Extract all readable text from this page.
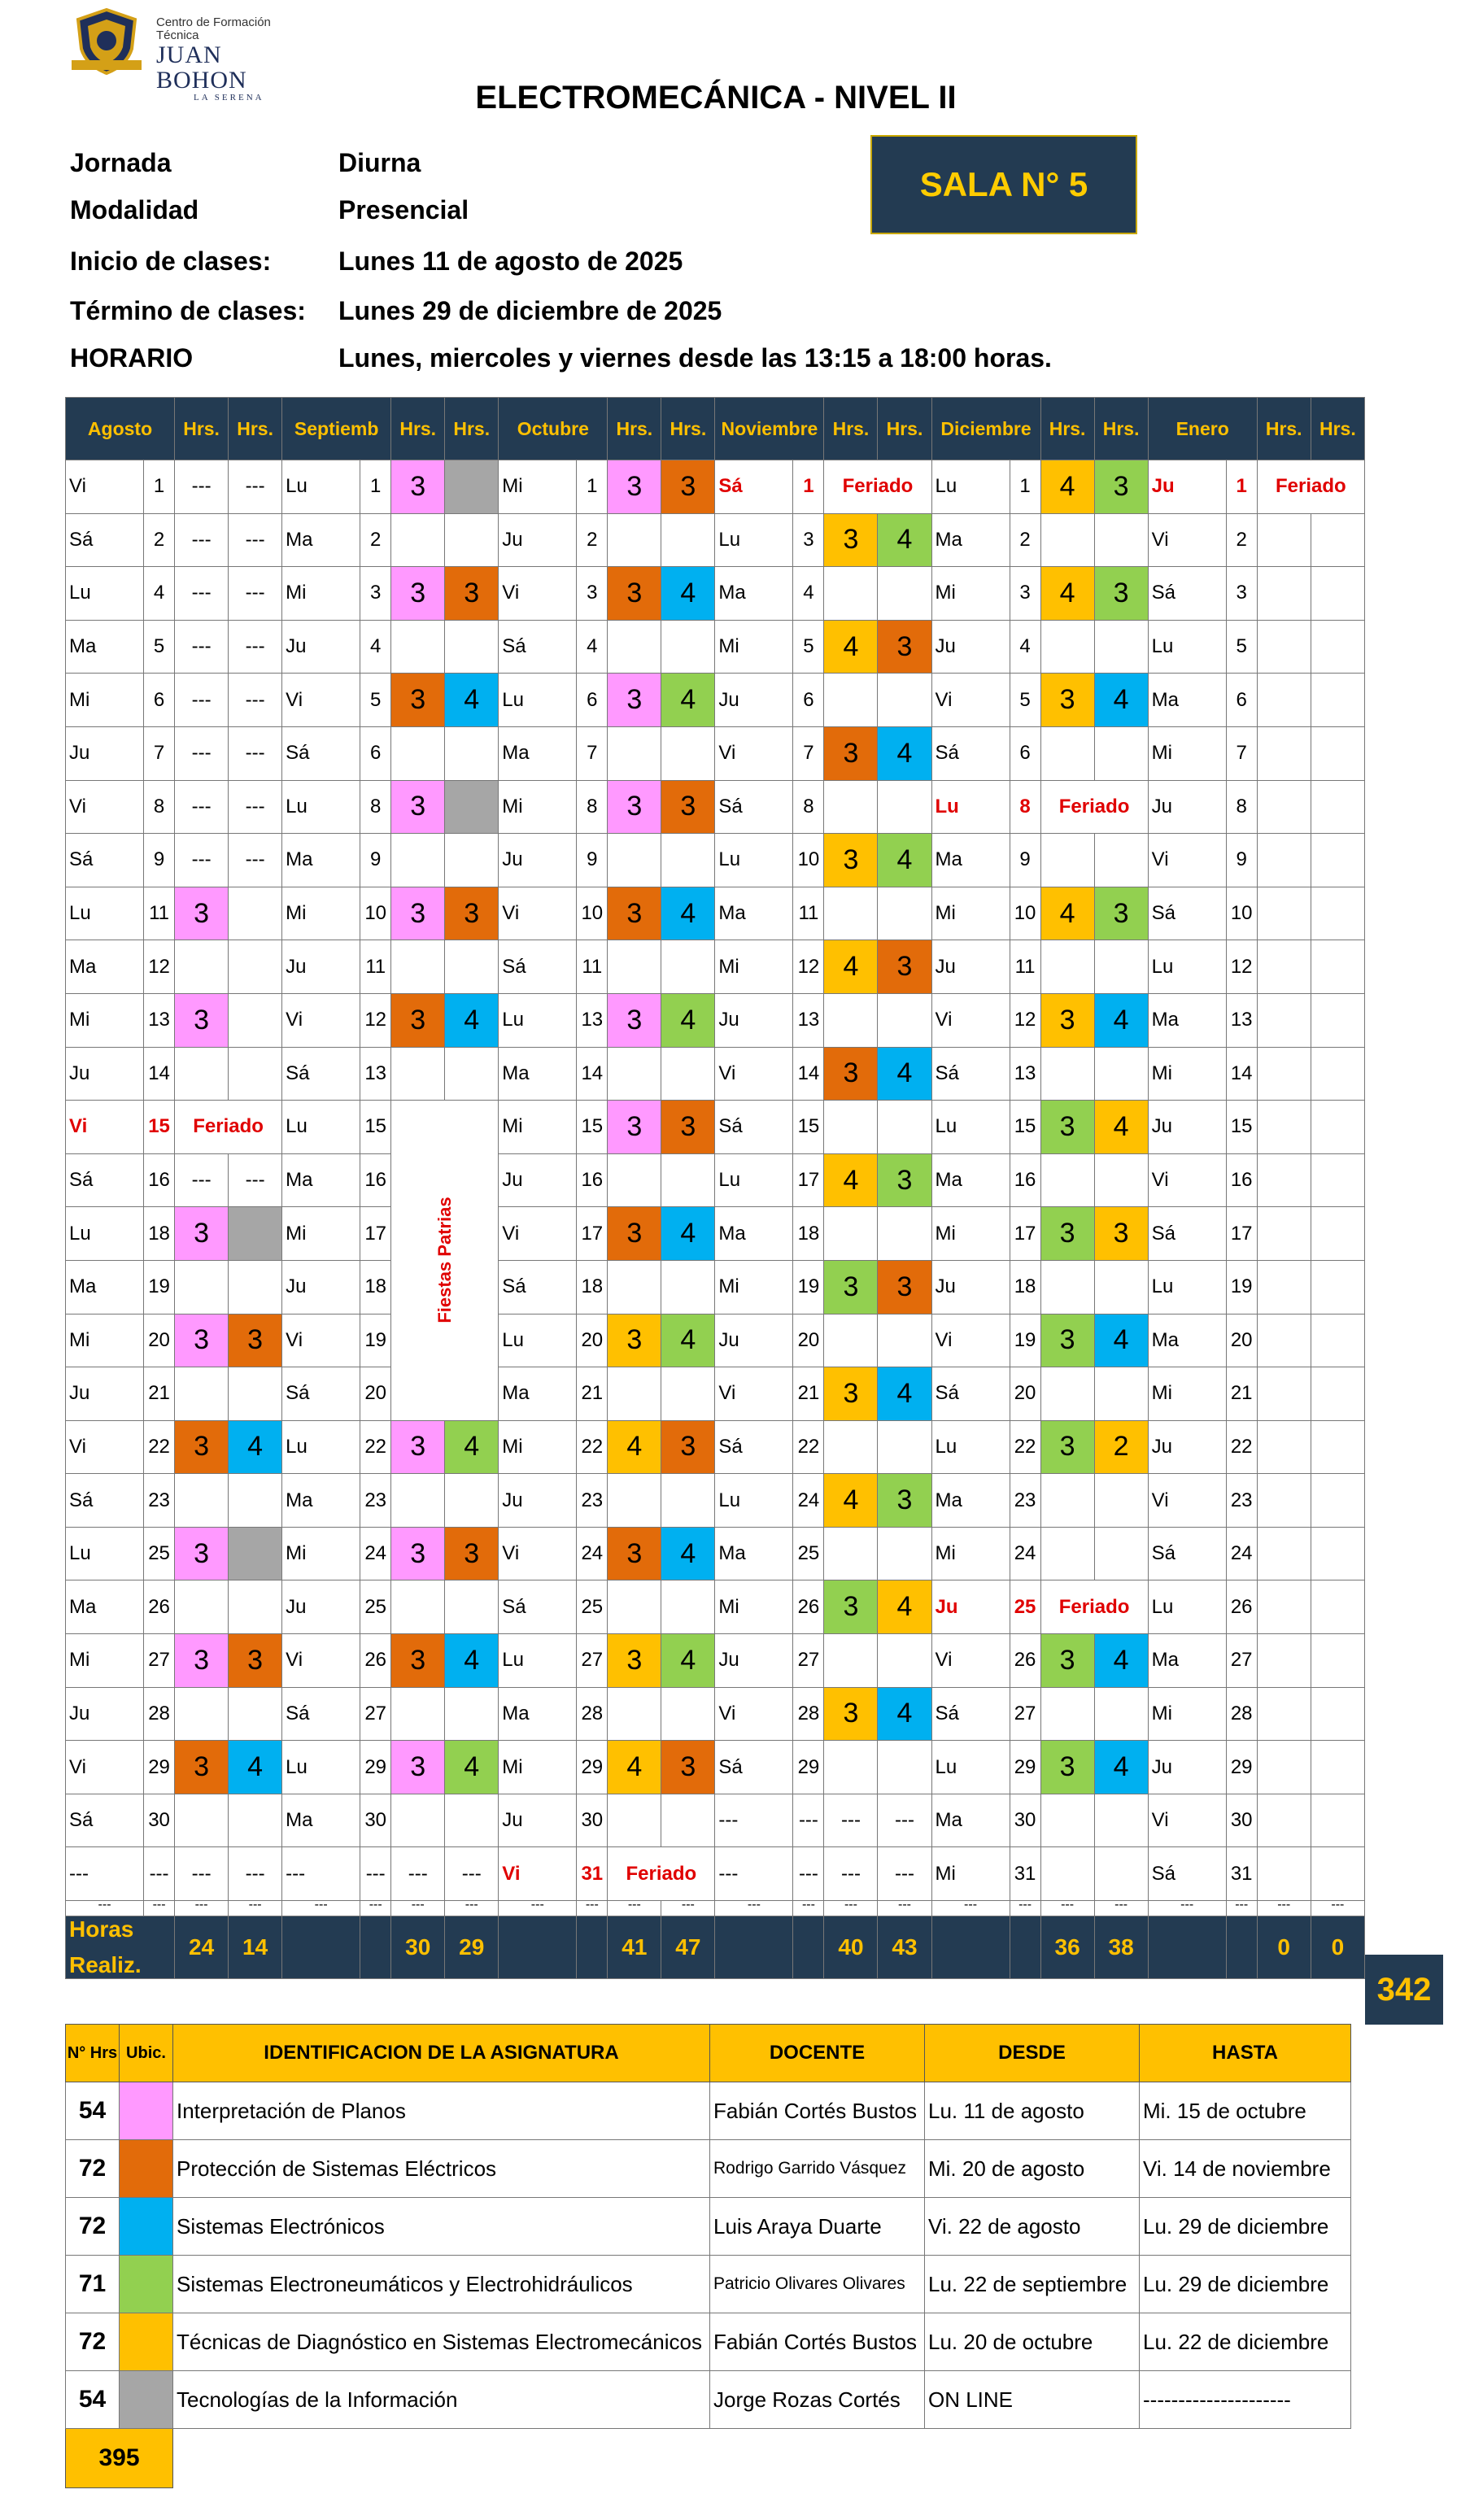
Centro de Formación Técnica
JUAN BOHON
LA SERENA	ELECTROMECÁNICA - NIVEL II
Jornada	Diurna
Modalidad	Presencial
Inicio de clases:	Lunes 11 de agosto de 2025
Término de clases: Lunes 29 de diciembre de 2025
HORARIO	Lunes, miercoles y viernes desde las 13:15 a 18:00 horas.
SALA N° 5
Agosto		Hrs.	Hrs.	Septiemb		Hrs.	Hrs.	Octubre		Hrs.	Hrs.	Noviembre		Hrs.	Hrs.	Diciembre		Hrs.	Hrs.	Enero		Hrs.	Hrs.
Vi	1	---	---	Lu	1	3		Mi	1	3	3	Sá	1	Feriado		Lu	1	4	3	Ju	1	Feriado	
Sá	2	---	---	Ma	2			Ju	2			Lu	3	3	4	Ma	2			Vi	2		
Lu	4	---	---	Mi	3	3	3	Vi	3	3	4	Ma	4			Mi	3	4	3	Sá	3		
Ma	5	---	---	Ju	4			Sá	4			Mi	5	4	3	Ju	4			Lu	5		
Mi	6	---	---	Vi	5	3	4	Lu	6	3	4	Ju	6			Vi	5	3	4	Ma	6		
Ju	7	---	---	Sá	6			Ma	7			Vi	7	3	4	Sá	6			Mi	7		
Vi	8	---	---	Lu	8	3		Mi	8	3	3	Sá	8			Lu	8	Feriado		Ju	8		
Sá	9	---	---	Ma	9			Ju	9			Lu	10	3	4	Ma	9			Vi	9		
Lu	11	3		Mi	10	3	3	Vi	10	3	4	Ma	11			Mi	10	4	3	Sá	10		
Ma	12			Ju	11			Sá	11			Mi	12	4	3	Ju	11			Lu	12		
Mi	13	3		Vi	12	3	4	Lu	13	3	4	Ju	13			Vi	12	3	4	Ma	13		
Ju	14			Sá	13			Ma	14			Vi	14	3	4	Sá	13			Mi	14		
Vi	15	Feriado		Lu	15	Fiestas Patrias		Mi	15	3	3	Sá	15			Lu	15	3	4	Ju	15		
Sá	16	---	---	Ma	16			Ju	16			Lu	17	4	3	Ma	16			Vi	16		
Lu	18	3		Mi	17			Vi	17	3	4	Ma	18			Mi	17	3	3	Sá	17		
Ma	19			Ju	18			Sá	18			Mi	19	3	3	Ju	18			Lu	19		
Mi	20	3	3	Vi	19			Lu	20	3	4	Ju	20			Vi	19	3	4	Ma	20		
Ju	21			Sá	20			Ma	21			Vi	21	3	4	Sá	20			Mi	21		
Vi	22	3	4	Lu	22	3	4	Mi	22	4	3	Sá	22			Lu	22	3	2	Ju	22		
Sá	23			Ma	23			Ju	23			Lu	24	4	3	Ma	23			Vi	23		
Lu	25	3		Mi	24	3	3	Vi	24	3	4	Ma	25			Mi	24			Sá	24		
Ma	26			Ju	25			Sá	25			Mi	26	3	4	Ju	25	Feriado		Lu	26		
Mi	27	3	3	Vi	26	3	4	Lu	27	3	4	Ju	27			Vi	26	3	4	Ma	27		
Ju	28			Sá	27			Ma	28			Vi	28	3	4	Sá	27			Mi	28		
Vi	29	3	4	Lu	29	3	4	Mi	29	4	3	Sá	29			Lu	29	3	4	Ju	29		
Sá	30			Ma	30			Ju	30			---	---	---	---	Ma	30			Vi	30		
---	---	---	---	---	---	---	---	Vi	31	Feriado		---	---	---	---	Mi	31			Sá	31		
---	---	---	---	---	---	---	---	---	---	---	---	---	---	---	---	---	---	---	---	---	---	---	---

Horas
Realiz.		24	14			30	29			41	47			40	43			36	38			0	0

342
N° Hrs	Ubic.	IDENTIFICACION DE LA ASIGNATURA	DOCENTE	DESDE	HASTA
54		Interpretación de Planos	Fabián Cortés Bustos	Lu. 11 de agosto	Mi. 15 de octubre
72		Protección de Sistemas Eléctricos	Rodrigo Garrido Vásquez	Mi. 20 de agosto	Vi. 14 de noviembre
72		Sistemas Electrónicos	Luis Araya Duarte	Vi. 22 de agosto	Lu. 29 de diciembre
71		Sistemas Electroneumáticos y Electrohidráulicos	Patricio Olivares Olivares	Lu. 22 de septiembre	Lu. 29 de diciembre
72		Técnicas de Diagnóstico en Sistemas Electromecánicos	Fabián Cortés Bustos	Lu. 20 de octubre	Lu. 22 de diciembre
54		Tecnologías de la Información	Jorge Rozas Cortés	ON LINE	---------------------
395					
